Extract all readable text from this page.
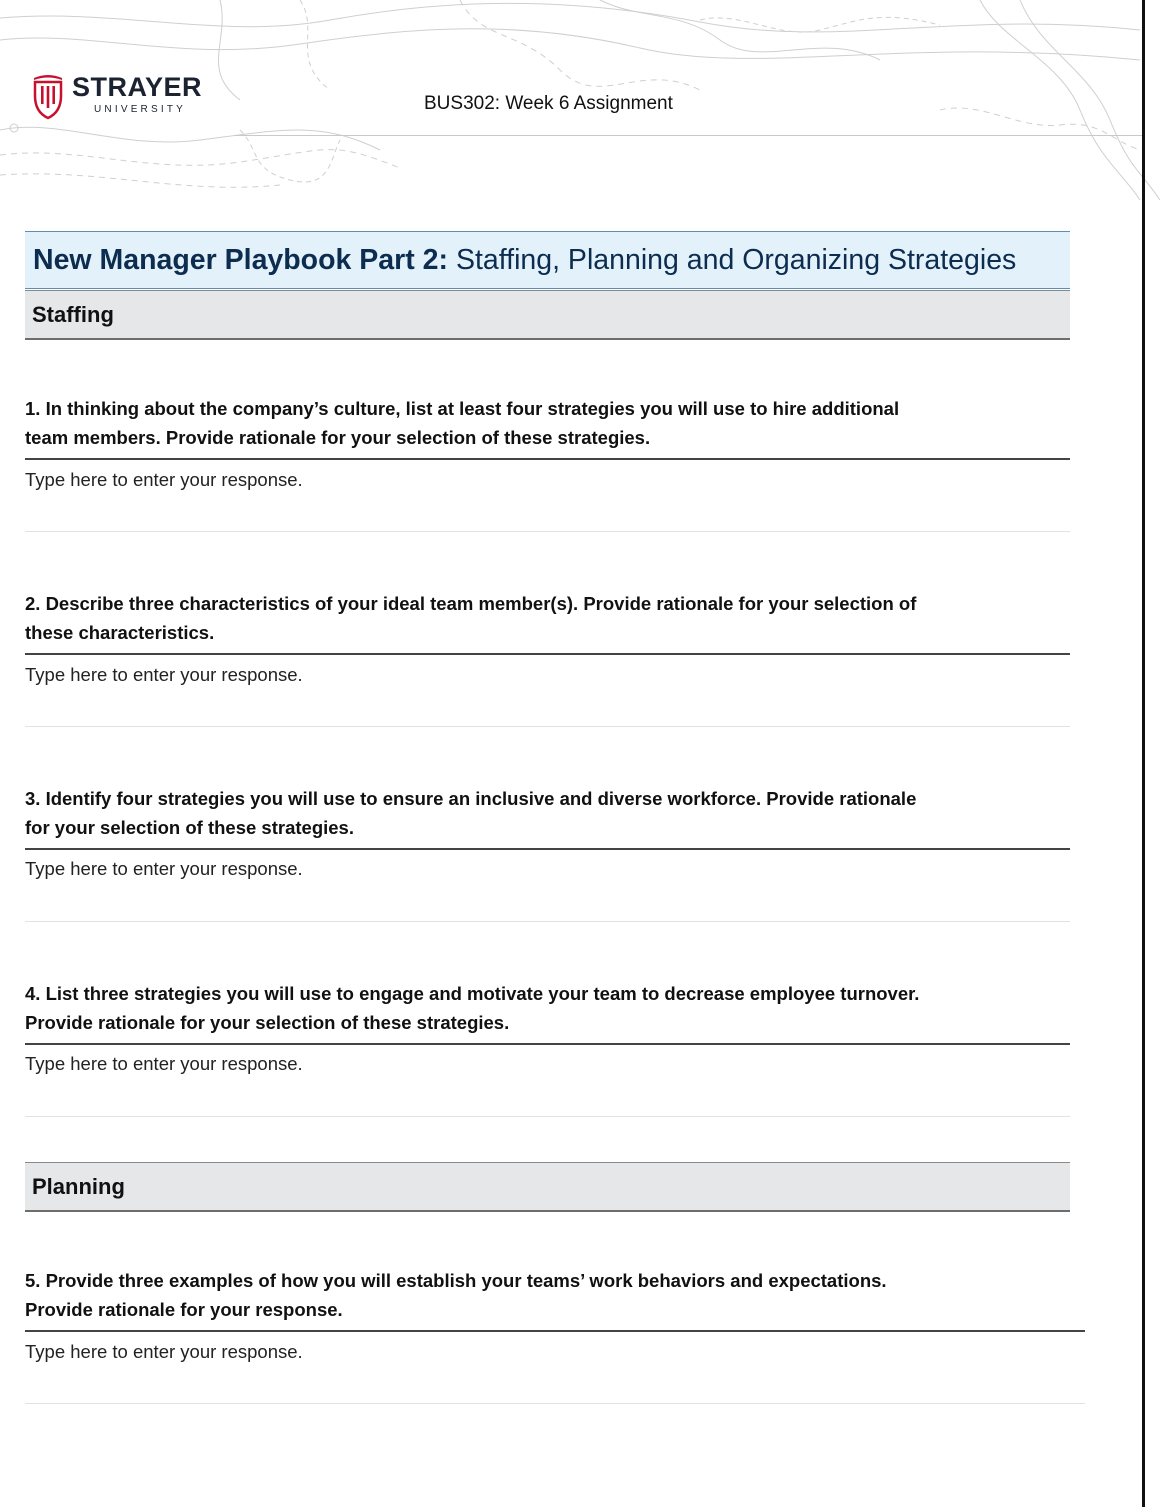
STRAYER
UNIVERSITY	BUS302: Week 6 Assignment
New Manager Playbook Part 2: Staffing, Planning and Organizing Strategies
Staffing
1. In thinking about the company’s culture, list at least four strategies you will use to hire additional
team members. Provide rationale for your selection of these strategies.
Type here to enter your response.
2. Describe three characteristics of your ideal team member(s). Provide rationale for your selection of
these characteristics.
Type here to enter your response.
3. Identify four strategies you will use to ensure an inclusive and diverse workforce. Provide rationale
for your selection of these strategies.
Type here to enter your response.
4. List three strategies you will use to engage and motivate your team to decrease employee turnover.
Provide rationale for your selection of these strategies.
Type here to enter your response.
Planning
5. Provide three examples of how you will establish your teams’ work behaviors and expectations.
Provide rationale for your response.
Type here to enter your response.
